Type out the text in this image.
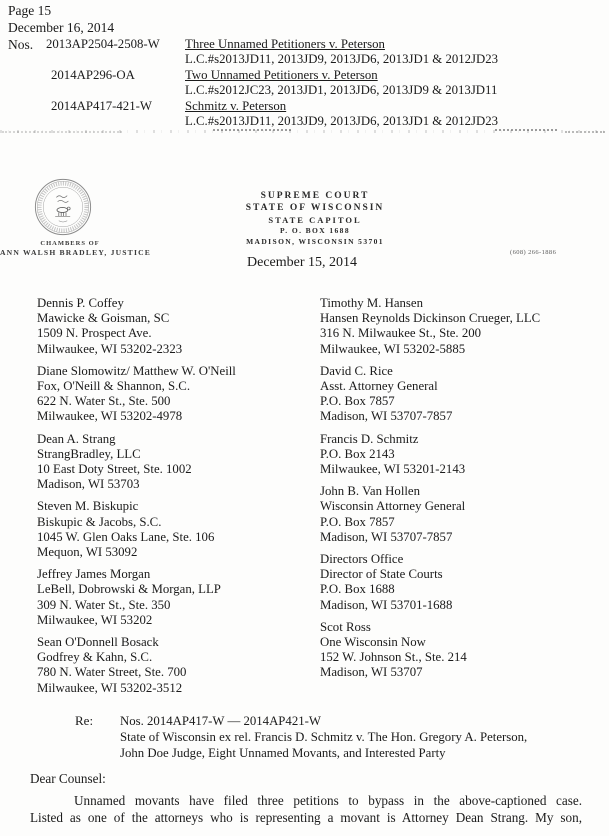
Page 15
December 16, 2014
Nos. 2013AP2504-2508-W	Three Unnamed Petitioners v. Peterson
L.C.#s2013JD11, 2013JD9, 2013JD6, 2013JD1 & 2012JD23
2014AP296-OA	Two Unnamed Petitioners v. Peterson
L.C.#s2012JC23, 2013JD1, 2013JD6, 2013JD9 & 2013JD11
2014AP417-421-W	Schmitz v. Peterson
L.C.#s2013JD11, 2013JD9, 2013JD6, 2013JD1 & 2012JD23
CHAMBERS OF
ANN WALSH BRADLEY, JUSTICE
SUPREME COURT
STATE OF WISCONSIN
STATE CAPITOL
P. O. BOX 1688
MADISON, WISCONSIN 53701
(608) 266-1886
December 15, 2014
Dennis P. Coffey
Mawicke & Goisman, SC
1509 N. Prospect Ave.
Milwaukee, WI 53202-2323
Diane Slomowitz/ Matthew W. O'Neill
Fox, O'Neill & Shannon, S.C.
622 N. Water St., Ste. 500
Milwaukee, WI 53202-4978
Dean A. Strang
StrangBradley, LLC
10 East Doty Street, Ste. 1002
Madison, WI 53703
Steven M. Biskupic
Biskupic & Jacobs, S.C.
1045 W. Glen Oaks Lane, Ste. 106
Mequon, WI 53092
Jeffrey James Morgan
LeBell, Dobrowski & Morgan, LLP
309 N. Water St., Ste. 350
Milwaukee, WI 53202
Sean O'Donnell Bosack
Godfrey & Kahn, S.C.
780 N. Water Street, Ste. 700
Milwaukee, WI 53202-3512
Timothy M. Hansen
Hansen Reynolds Dickinson Crueger, LLC
316 N. Milwaukee St., Ste. 200
Milwaukee, WI 53202-5885
David C. Rice
Asst. Attorney General
P.O. Box 7857
Madison, WI 53707-7857
Francis D. Schmitz
P.O. Box 2143
Milwaukee, WI 53201-2143
John B. Van Hollen
Wisconsin Attorney General
P.O. Box 7857
Madison, WI 53707-7857
Directors Office
Director of State Courts
P.O. Box 1688
Madison, WI 53701-1688
Scot Ross
One Wisconsin Now
152 W. Johnson St., Ste. 214
Madison, WI 53707
Re: Nos. 2014AP417-W — 2014AP421-W
State of Wisconsin ex rel. Francis D. Schmitz v. The Hon. Gregory A. Peterson,
John Doe Judge, Eight Unnamed Movants, and Interested Party
Dear Counsel:
Unnamed movants have filed three petitions to bypass in the above-captioned case.
Listed as one of the attorneys who is representing a movant is Attorney Dean Strang. My son,
